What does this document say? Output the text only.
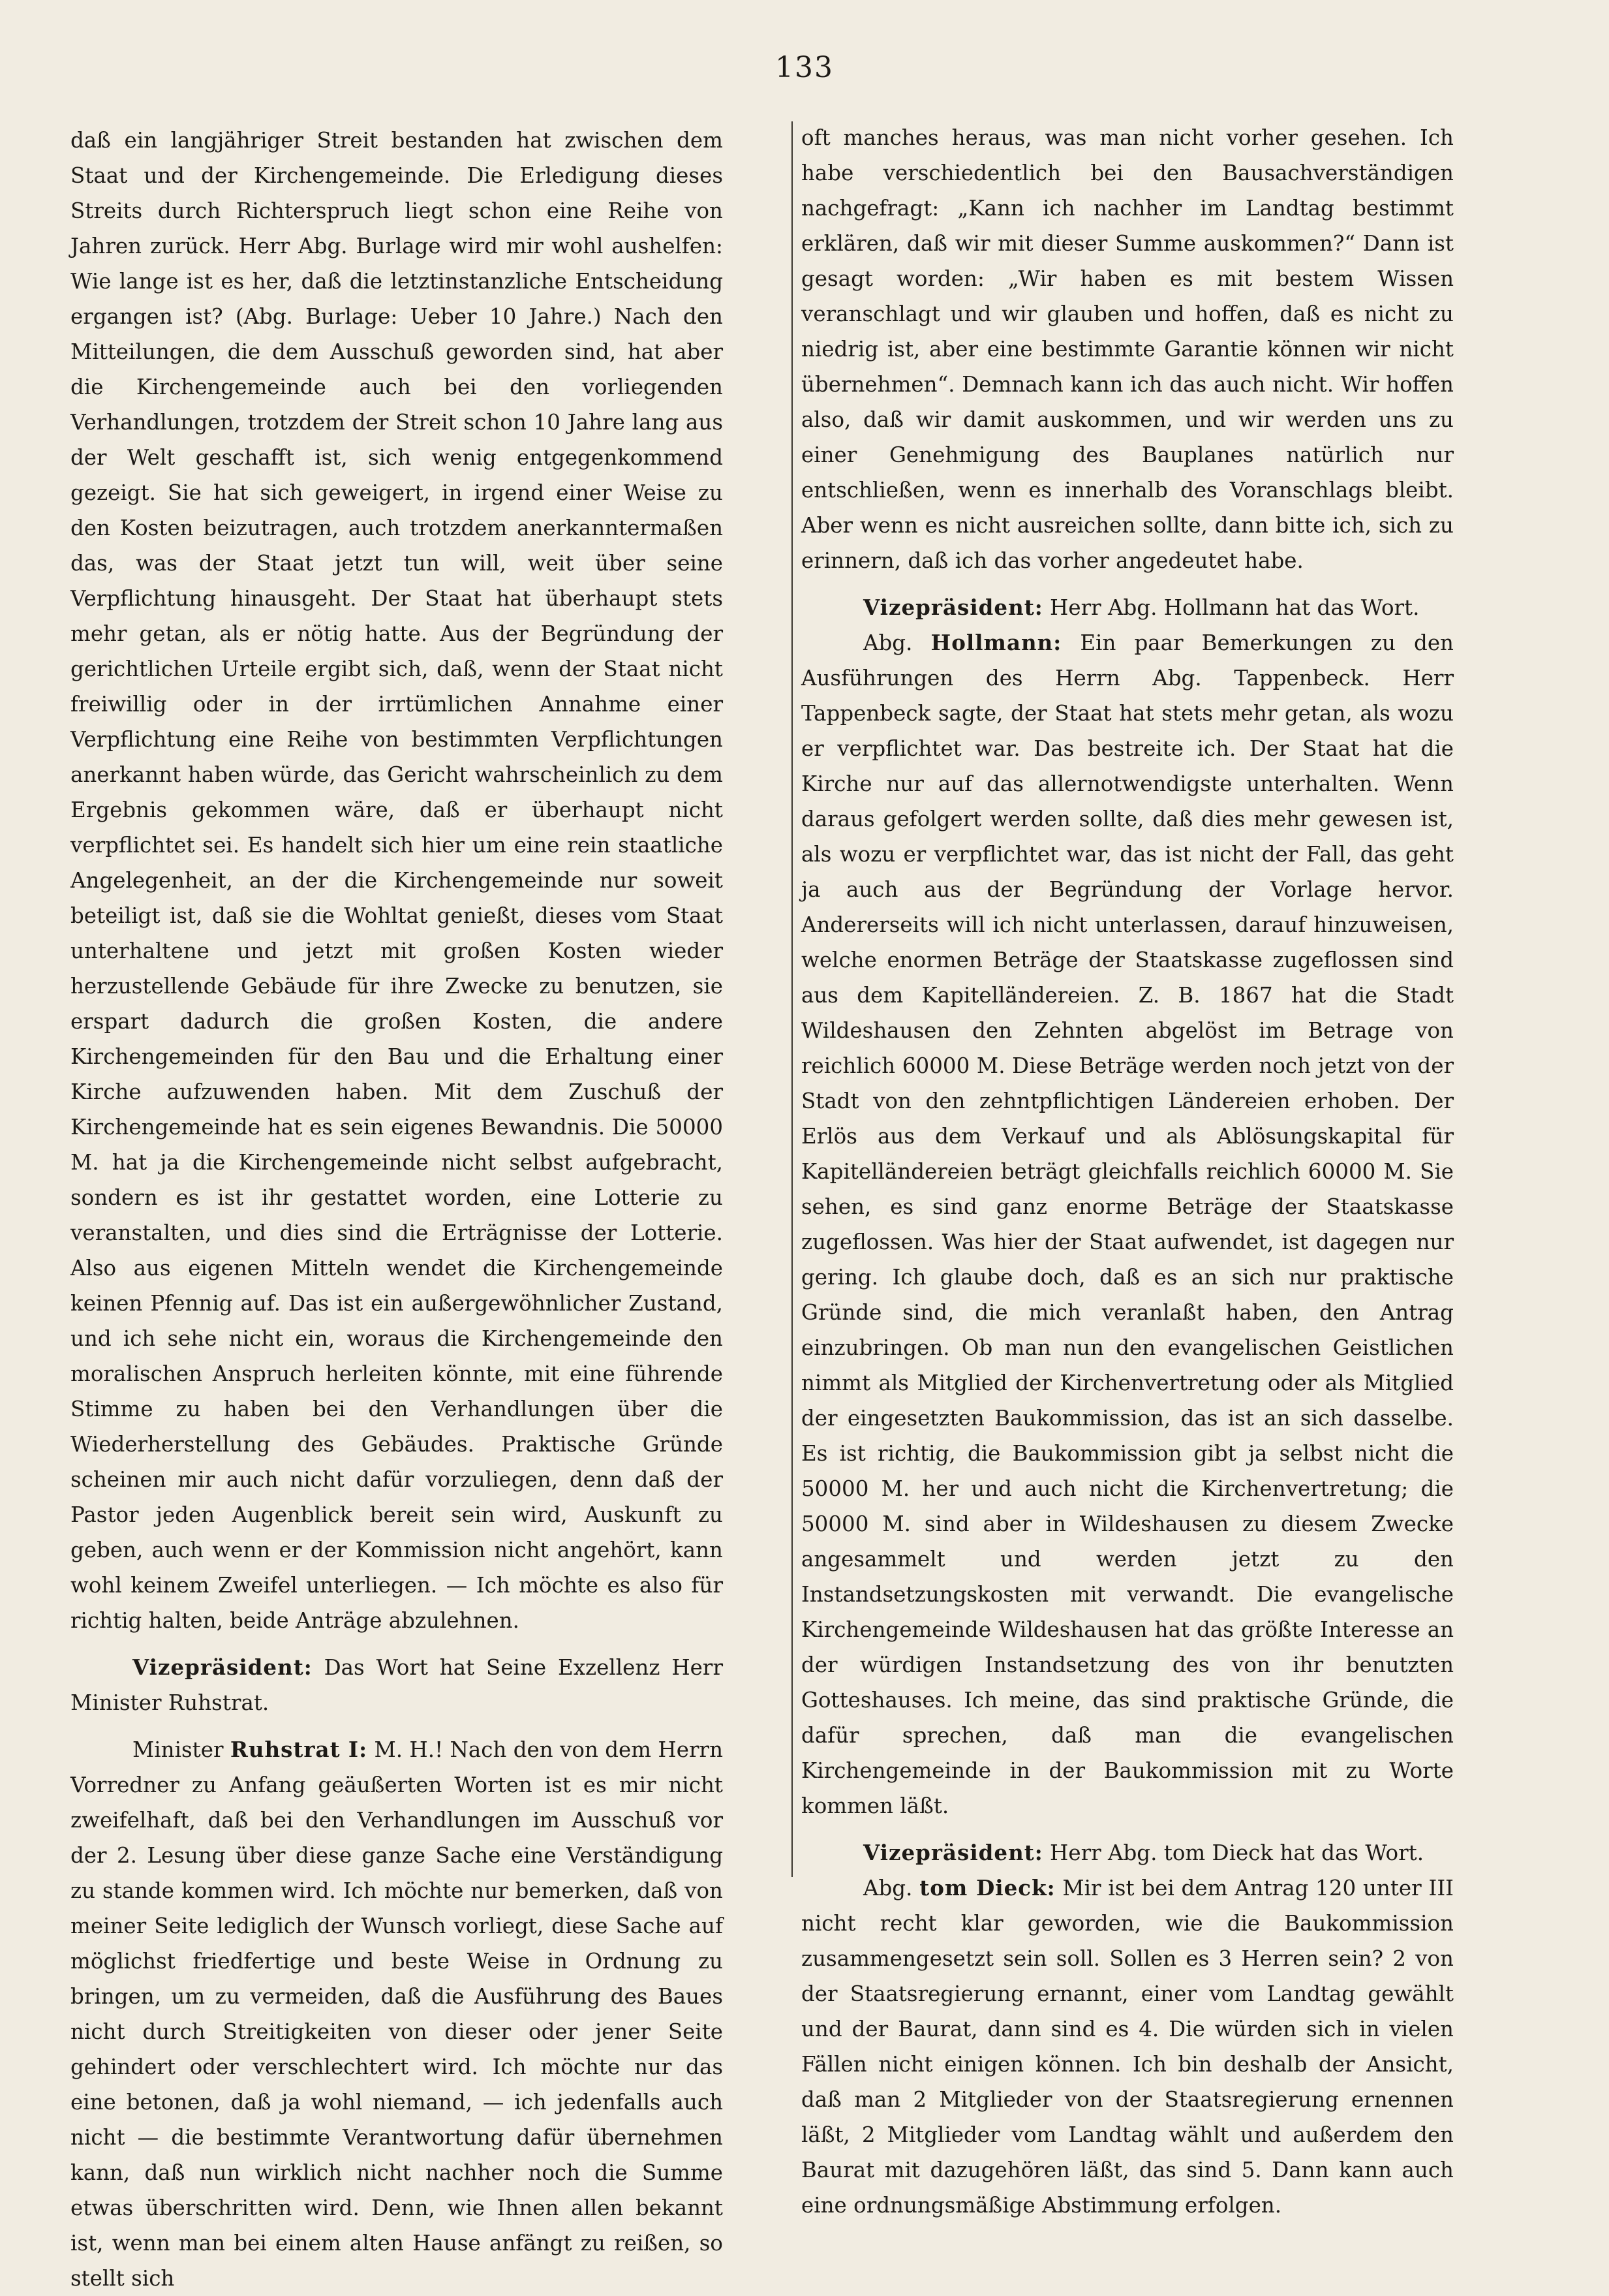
133

daß ein langjähriger Streit bestanden hat zwischen dem Staat und der Kirchengemeinde. Die Erledigung dieses Streits durch Richterspruch liegt schon eine Reihe von Jahren zurück. Herr Abg. Burlage wird mir wohl aushelfen: Wie lange ist es her, daß die letztinstanzliche Entscheidung ergangen ist? (Abg. Burlage: Ueber 10 Jahre.) Nach den Mitteilungen, die dem Ausschuß geworden sind, hat aber die Kirchengemeinde auch bei den vorliegenden Verhandlungen, trotzdem der Streit schon 10 Jahre lang aus der Welt geschafft ist, sich wenig entgegenkommend gezeigt. Sie hat sich geweigert, in irgend einer Weise zu den Kosten beizutragen, auch trotzdem anerkanntermaßen das, was der Staat jetzt tun will, weit über seine Verpflichtung hinausgeht. Der Staat hat überhaupt stets mehr getan, als er nötig hatte. Aus der Begründung der gerichtlichen Urteile ergibt sich, daß, wenn der Staat nicht freiwillig oder in der irrtümlichen Annahme einer Verpflichtung eine Reihe von bestimmten Verpflichtungen anerkannt haben würde, das Gericht wahrscheinlich zu dem Ergebnis gekommen wäre, daß er überhaupt nicht verpflichtet sei. Es handelt sich hier um eine rein staatliche Angelegenheit, an der die Kirchengemeinde nur soweit beteiligt ist, daß sie die Wohltat genießt, dieses vom Staat unterhaltene und jetzt mit großen Kosten wieder herzustellende Gebäude für ihre Zwecke zu benutzen, sie erspart dadurch die großen Kosten, die andere Kirchengemeinden für den Bau und die Erhaltung einer Kirche aufzuwenden haben. Mit dem Zuschuß der Kirchengemeinde hat es sein eigenes Bewandnis. Die 50000 M. hat ja die Kirchengemeinde nicht selbst aufgebracht, sondern es ist ihr gestattet worden, eine Lotterie zu veranstalten, und dies sind die Erträgnisse der Lotterie. Also aus eigenen Mitteln wendet die Kirchengemeinde keinen Pfennig auf. Das ist ein außergewöhnlicher Zustand, und ich sehe nicht ein, woraus die Kirchengemeinde den moralischen Anspruch herleiten könnte, mit eine führende Stimme zu haben bei den Verhandlungen über die Wiederherstellung des Gebäudes. Praktische Gründe scheinen mir auch nicht dafür vorzuliegen, denn daß der Pastor jeden Augenblick bereit sein wird, Auskunft zu geben, auch wenn er der Kommission nicht angehört, kann wohl keinem Zweifel unterliegen. — Ich möchte es also für richtig halten, beide Anträge abzulehnen.

Vizepräsident: Das Wort hat Seine Exzellenz Herr Minister Ruhstrat.

Minister Ruhstrat I: M. H.! Nach den von dem Herrn Vorredner zu Anfang geäußerten Worten ist es mir nicht zweifelhaft, daß bei den Verhandlungen im Ausschuß vor der 2. Lesung über diese ganze Sache eine Verständigung zu stande kommen wird. Ich möchte nur bemerken, daß von meiner Seite lediglich der Wunsch vorliegt, diese Sache auf möglichst friedfertige und beste Weise in Ordnung zu bringen, um zu vermeiden, daß die Ausführung des Baues nicht durch Streitigkeiten von dieser oder jener Seite gehindert oder verschlechtert wird. Ich möchte nur das eine betonen, daß ja wohl niemand, — ich jedenfalls auch nicht — die bestimmte Verantwortung dafür übernehmen kann, daß nun wirklich nicht nachher noch die Summe etwas überschritten wird. Denn, wie Ihnen allen bekannt ist, wenn man bei einem alten Hause anfängt zu reißen, so stellt sich

oft manches heraus, was man nicht vorher gesehen. Ich habe verschiedentlich bei den Bausachverständigen nachgefragt: „Kann ich nachher im Landtag bestimmt erklären, daß wir mit dieser Summe auskommen?“ Dann ist gesagt worden: „Wir haben es mit bestem Wissen veranschlagt und wir glauben und hoffen, daß es nicht zu niedrig ist, aber eine bestimmte Garantie können wir nicht übernehmen“. Demnach kann ich das auch nicht. Wir hoffen also, daß wir damit auskommen, und wir werden uns zu einer Genehmigung des Bauplanes natürlich nur entschließen, wenn es innerhalb des Voranschlags bleibt. Aber wenn es nicht ausreichen sollte, dann bitte ich, sich zu erinnern, daß ich das vorher angedeutet habe.

Vizepräsident: Herr Abg. Hollmann hat das Wort.

Abg. Hollmann: Ein paar Bemerkungen zu den Ausführungen des Herrn Abg. Tappenbeck. Herr Tappenbeck sagte, der Staat hat stets mehr getan, als wozu er verpflichtet war. Das bestreite ich. Der Staat hat die Kirche nur auf das allernotwendigste unterhalten. Wenn daraus gefolgert werden sollte, daß dies mehr gewesen ist, als wozu er verpflichtet war, das ist nicht der Fall, das geht ja auch aus der Begründung der Vorlage hervor. Andererseits will ich nicht unterlassen, darauf hinzuweisen, welche enormen Beträge der Staatskasse zugeflossen sind aus dem Kapitelländereien. Z. B. 1867 hat die Stadt Wildeshausen den Zehnten abgelöst im Betrage von reichlich 60000 M. Diese Beträge werden noch jetzt von der Stadt von den zehntpflichtigen Ländereien erhoben. Der Erlös aus dem Verkauf und als Ablösungskapital für Kapitelländereien beträgt gleichfalls reichlich 60000 M. Sie sehen, es sind ganz enorme Beträge der Staatskasse zugeflossen. Was hier der Staat aufwendet, ist dagegen nur gering. Ich glaube doch, daß es an sich nur praktische Gründe sind, die mich veranlaßt haben, den Antrag einzubringen. Ob man nun den evangelischen Geistlichen nimmt als Mitglied der Kirchenvertretung oder als Mitglied der eingesetzten Baukommission, das ist an sich dasselbe. Es ist richtig, die Baukommission gibt ja selbst nicht die 50000 M. her und auch nicht die Kirchenvertretung; die 50000 M. sind aber in Wildeshausen zu diesem Zwecke angesammelt und werden jetzt zu den Instandsetzungskosten mit verwandt. Die evangelische Kirchengemeinde Wildeshausen hat das größte Interesse an der würdigen Instandsetzung des von ihr benutzten Gotteshauses. Ich meine, das sind praktische Gründe, die dafür sprechen, daß man die evangelischen Kirchengemeinde in der Baukommission mit zu Worte kommen läßt.

Vizepräsident: Herr Abg. tom Dieck hat das Wort.

Abg. tom Dieck: Mir ist bei dem Antrag 120 unter III nicht recht klar geworden, wie die Baukommission zusammengesetzt sein soll. Sollen es 3 Herren sein? 2 von der Staatsregierung ernannt, einer vom Landtag gewählt und der Baurat, dann sind es 4. Die würden sich in vielen Fällen nicht einigen können. Ich bin deshalb der Ansicht, daß man 2 Mitglieder von der Staatsregierung ernennen läßt, 2 Mitglieder vom Landtag wählt und außerdem den Baurat mit dazugehören läßt, das sind 5. Dann kann auch eine ordnungsmäßige Abstimmung erfolgen.
